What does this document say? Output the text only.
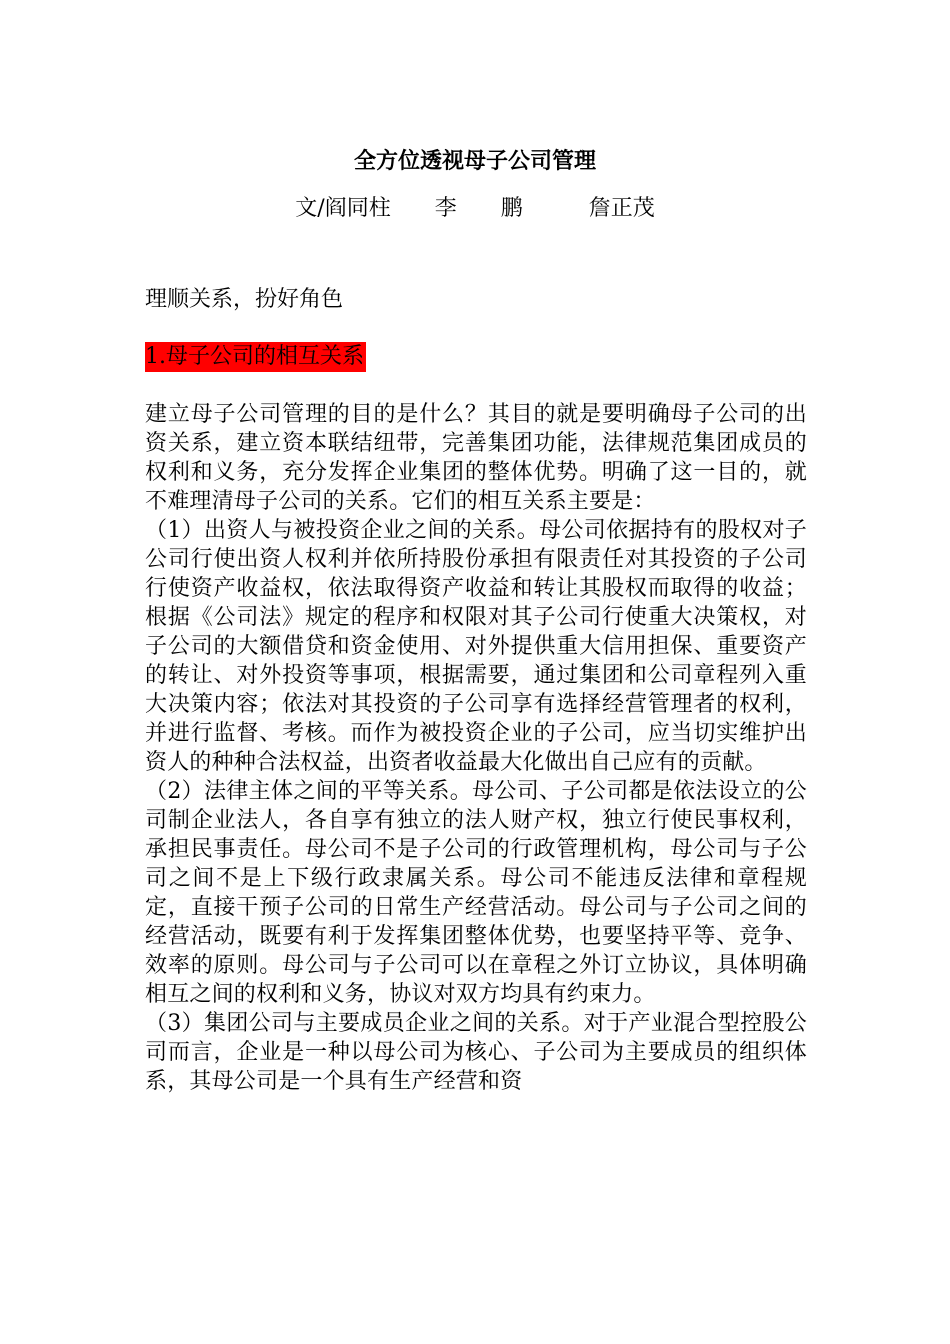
全方位透视母子公司管理
文/阎同柱　　李　　鹏　　　詹正茂
理顺关系，扮好角色
1.母子公司的相互关系

建立母子公司管理的目的是什么？其目的就是要明确母子公司的出资关系，建立资本联结纽带，完善集团功能，法律规范集团成员的权利和义务，充分发挥企业集团的整体优势。明确了这一目的，就不难理清母子公司的关系。它们的相互关系主要是：

（1）出资人与被投资企业之间的关系。母公司依据持有的股权对子公司行使出资人权利并依所持股份承担有限责任对其投资的子公司行使资产收益权，依法取得资产收益和转让其股权而取得的收益；根据《公司法》规定的程序和权限对其子公司行使重大决策权，对子公司的大额借贷和资金使用、对外提供重大信用担保、重要资产的转让、对外投资等事项，根据需要，通过集团和公司章程列入重大决策内容；依法对其投资的子公司享有选择经营管理者的权利，并进行监督、考核。而作为被投资企业的子公司，应当切实维护出资人的种种合法权益，出资者收益最大化做出自己应有的贡献。

（2）法律主体之间的平等关系。母公司、子公司都是依法设立的公司制企业法人，各自享有独立的法人财产权，独立行使民事权利，承担民事责任。母公司不是子公司的行政管理机构，母公司与子公司之间不是上下级行政隶属关系。母公司不能违反法律和章程规定，直接干预子公司的日常生产经营活动。母公司与子公司之间的经营活动，既要有利于发挥集团整体优势，也要坚持平等、竞争、效率的原则。母公司与子公司可以在章程之外订立协议，具体明确相互之间的权利和义务，协议对双方均具有约束力。

（3）集团公司与主要成员企业之间的关系。对于产业混合型控股公司而言，企业是一种以母公司为核心、子公司为主要成员的组织体系，其母公司是一个具有生产经营和资
